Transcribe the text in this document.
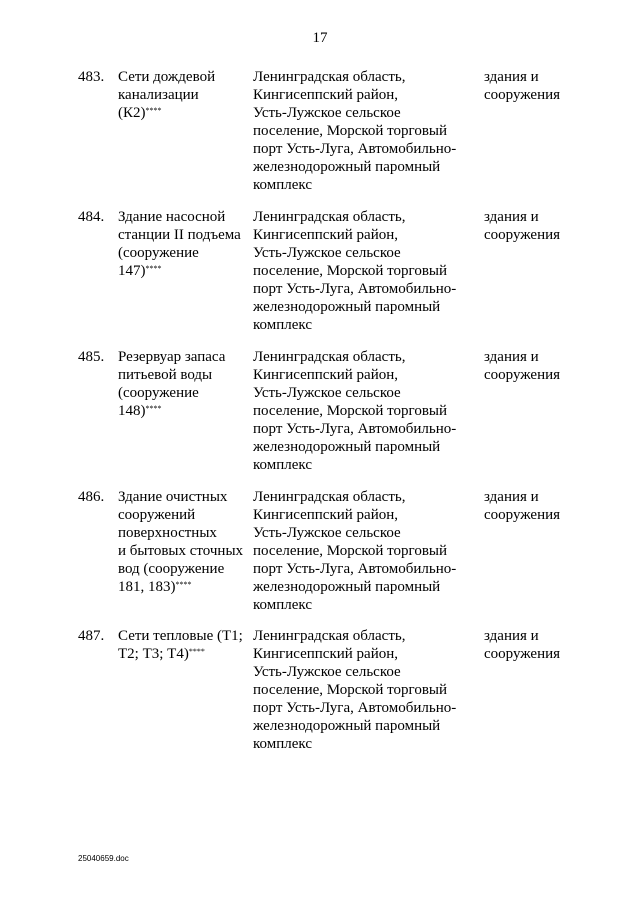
17
483. Сети дождевой
канализации
(К2)****
Ленинградская область,
Кингисеппский район,
Усть-Лужское сельское
поселение, Морской торговый
порт Усть-Луга, Автомобильно-
железнодорожный паромный
комплекс
здания и
сооружения
484. Здание насосной
станции II подъема
(сооружение
147)****
Ленинградская область,
Кингисеппский район,
Усть-Лужское сельское
поселение, Морской торговый
порт Усть-Луга, Автомобильно-
железнодорожный паромный
комплекс
здания и
сооружения
485. Резервуар запаса
питьевой воды
(сооружение
148)****
Ленинградская область,
Кингисеппский район,
Усть-Лужское сельское
поселение, Морской торговый
порт Усть-Луга, Автомобильно-
железнодорожный паромный
комплекс
здания и
сооружения
486. Здание очистных
сооружений
поверхностных
и бытовых сточных
вод (сооружение
181, 183)****
Ленинградская область,
Кингисеппский район,
Усть-Лужское сельское
поселение, Морской торговый
порт Усть-Луга, Автомобильно-
железнодорожный паромный
комплекс
здания и
сооружения
487. Сети тепловые (Т1;
Т2; Т3; Т4)****
Ленинградская область,
Кингисеппский район,
Усть-Лужское сельское
поселение, Морской торговый
порт Усть-Луга, Автомобильно-
железнодорожный паромный
комплекс
здания и
сооружения
25040659.doc
